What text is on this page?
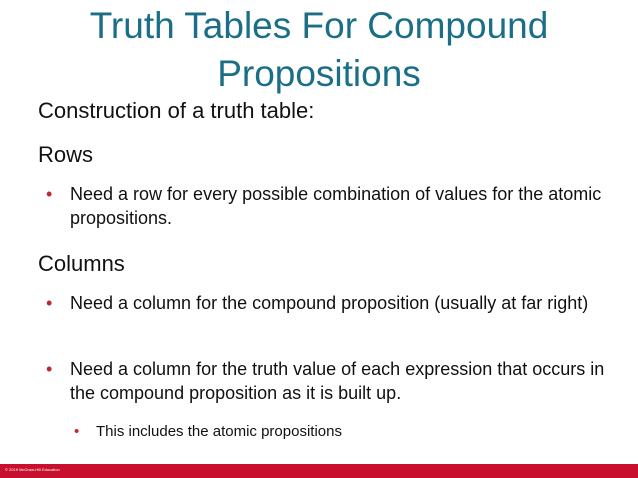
Truth Tables For Compound
Propositions
Construction of a truth table:
Rows
• Need a row for every possible combination of values for the atomic propositions.
Columns
• Need a column for the compound proposition (usually at far right)
• Need a column for the truth value of each expression that occurs in the compound proposition as it is built up.
• This includes the atomic propositions
© 2019 McGraw-Hill Education
